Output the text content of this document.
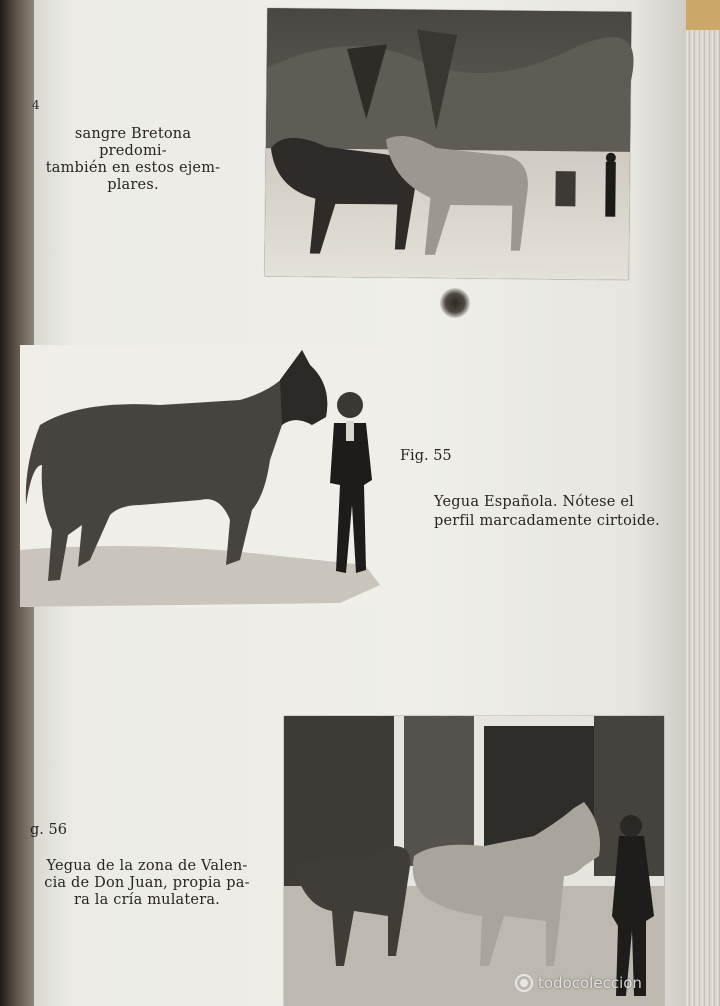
sangre Bretona predomi-
también en estos ejem-
plares.
4
Fig. 55
Yegua Española. Nótese el
perfil marcadamente cirtoide.
g. 56
Yegua de la zona de Valen-
cia de Don Juan, propia pa-
ra la cría mulatera.
todocoleccion
